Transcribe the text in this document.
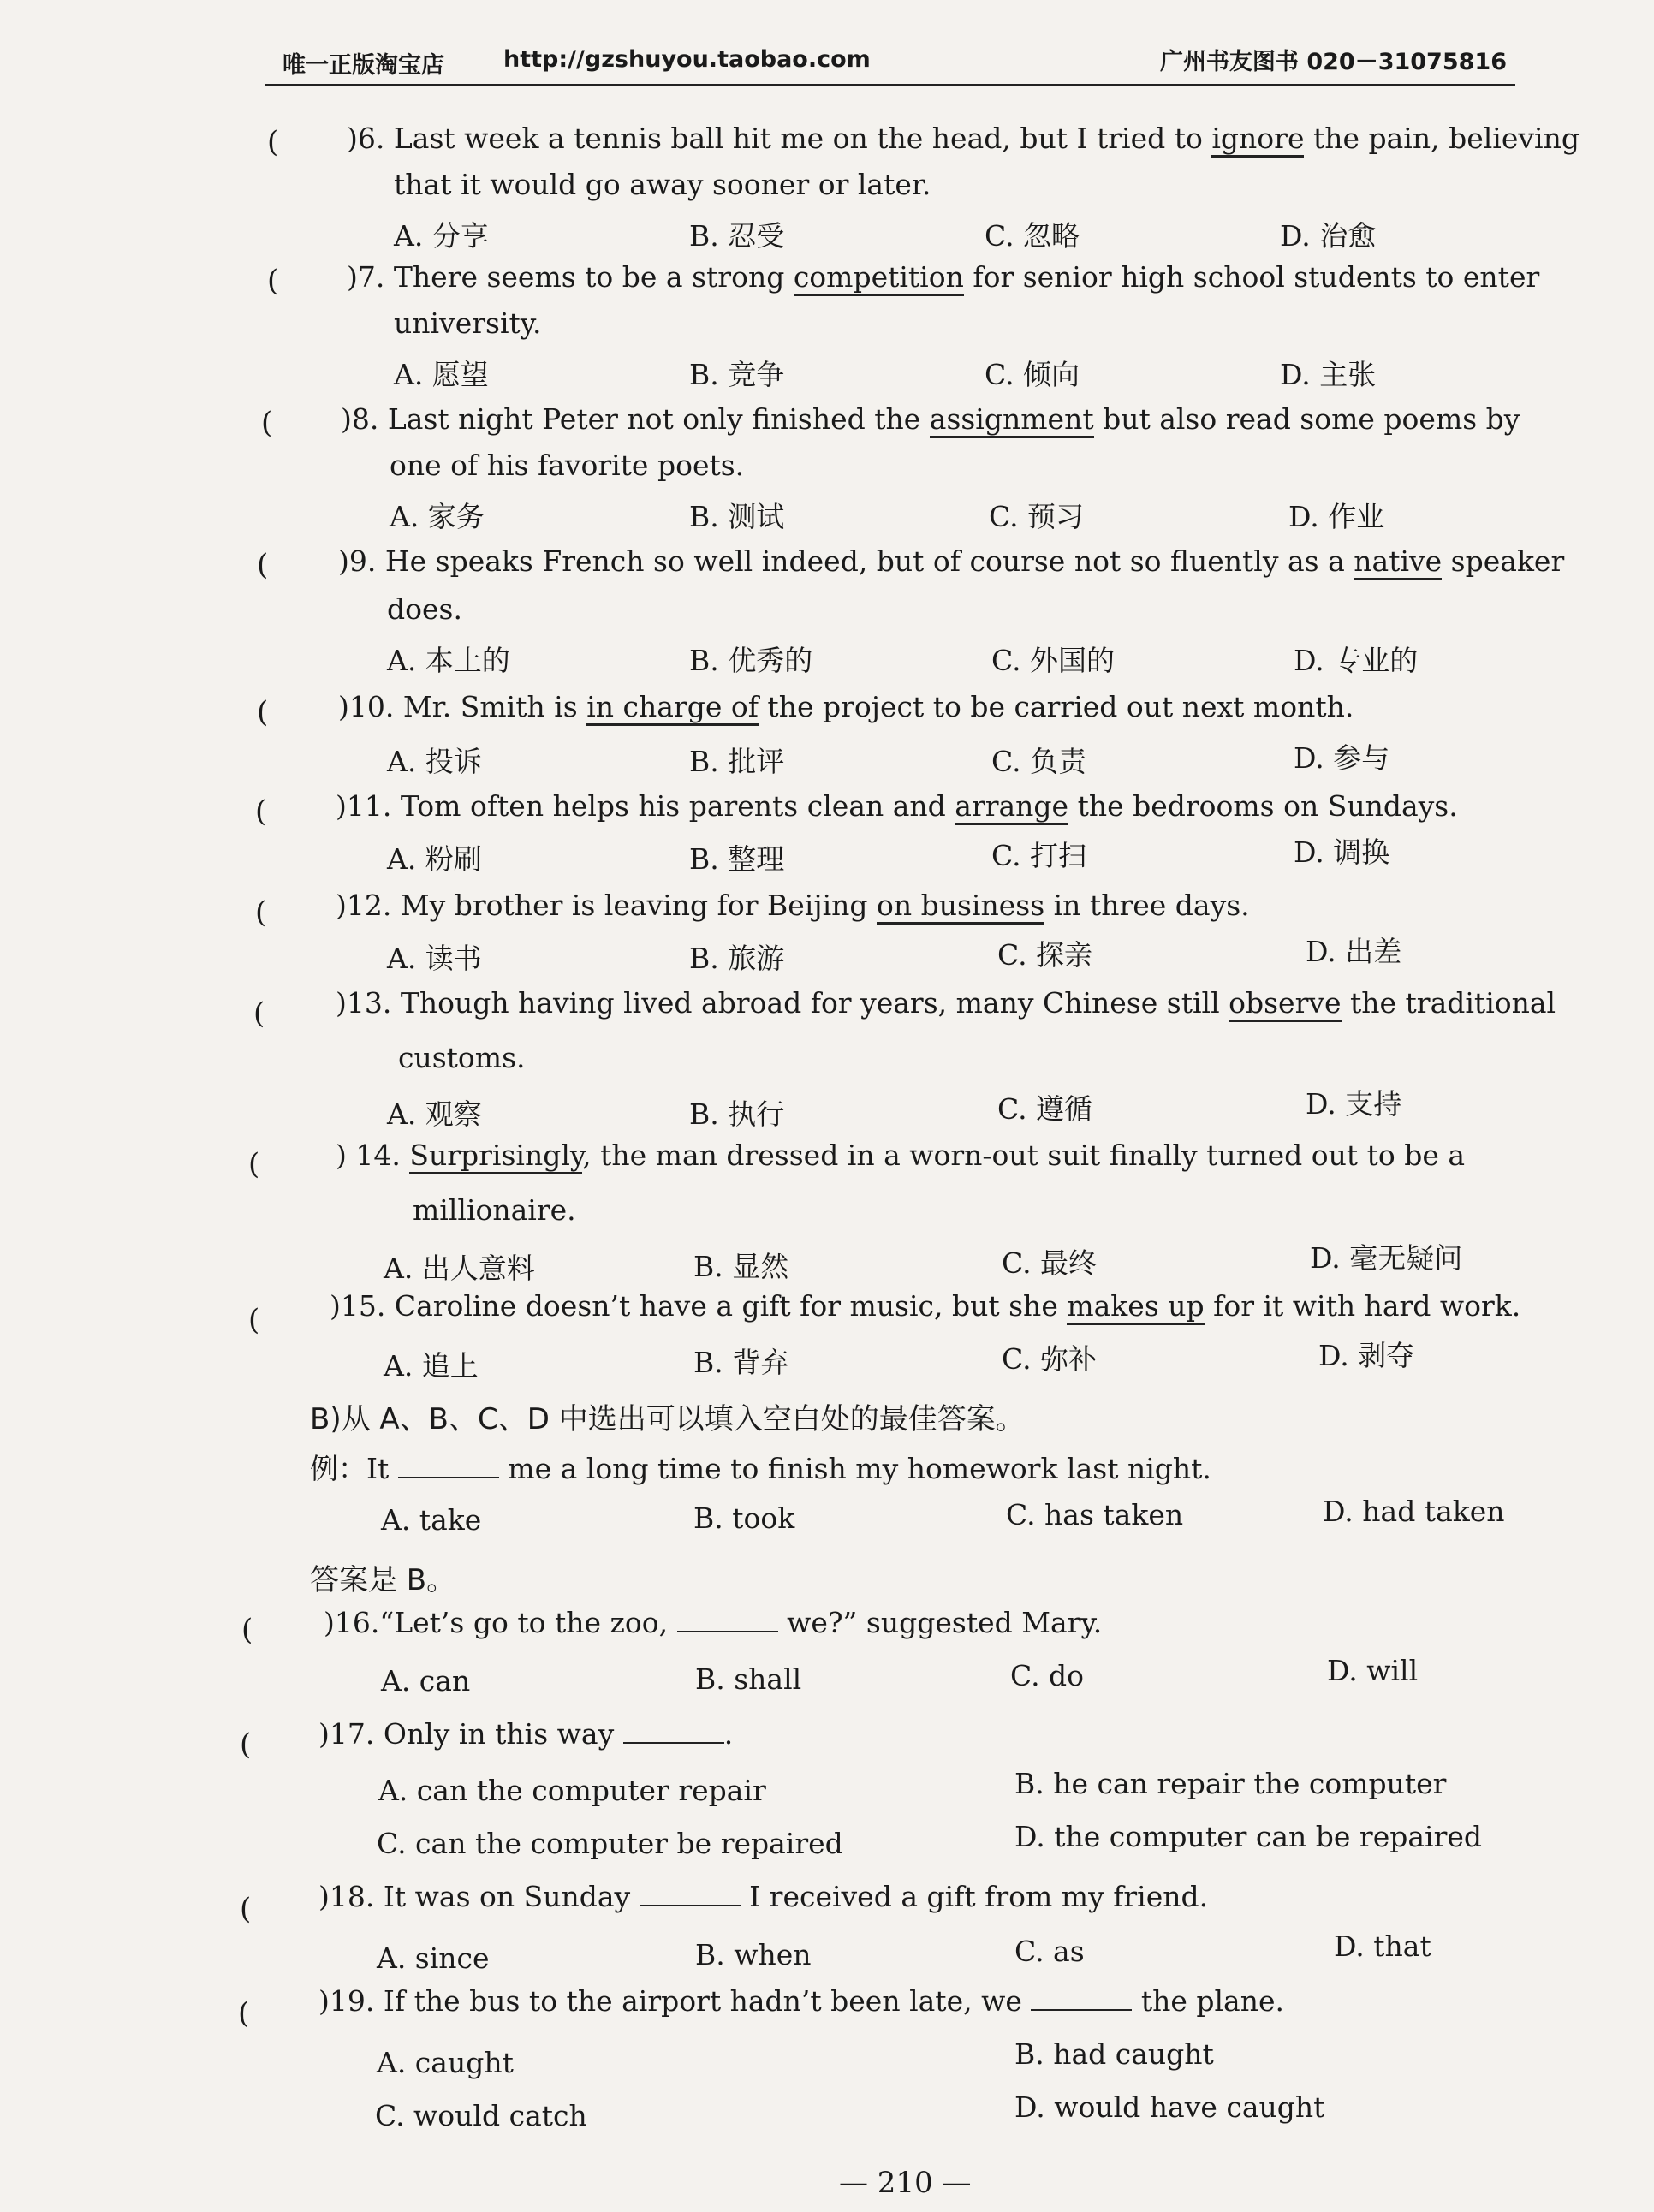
唯一正版淘宝店	http://gzshuyou.taobao.com	广州书友图书 020－31075816
( )6. Last week a tennis ball hit me on the head, but I tried to ignore the pain, believing
that it would go away sooner or later.
A. 分享	B. 忍受	C. 忽略	D. 治愈
( )7. There seems to be a strong competition for senior high school students to enter
university.
A. 愿望	B. 竞争	C. 倾向	D. 主张
( )8. Last night Peter not only finished the assignment but also read some poems by
one of his favorite poets.
A. 家务	B. 测试	C. 预习	D. 作业
( )9. He speaks French so well indeed, but of course not so fluently as a native speaker
does.
A. 本土的	B. 优秀的	C. 外国的	D. 专业的
( )10. Mr. Smith is in charge of the project to be carried out next month.
A. 投诉	B. 批评	C. 负责	D. 参与
( )11. Tom often helps his parents clean and arrange the bedrooms on Sundays.
A. 粉刷	B. 整理	C. 打扫	D. 调换
( )12. My brother is leaving for Beijing on business in three days.
A. 读书	B. 旅游	C. 探亲	D. 出差
(	)13. Though having lived abroad for years, many Chinese still observe the traditional
customs.
A. 观察	B. 执行	C. 遵循	D. 支持
(	) 14. Surprisingly, the man dressed in a worn-out suit finally turned out to be a
millionaire.
A. 出人意料	B. 显然	C. 最终	D. 毫无疑问
( )15. Caroline doesn’t have a gift for music, but she makes up for it with hard work.
A. 追上	B. 背弃	C. 弥补	D. 剥夺
B)从 A、B、C、D 中选出可以填入空白处的最佳答案。
例：It	me a long time to finish my homework last night.
A. take	B. took	C. has taken	D. had taken
答案是 B。
(	)16.“Let’s go to the zoo,	we?” suggested Mary.
A. can	B. shall	C. do	D. will
( )17. Only in this way	.
A. can the computer repair	B. he can repair the computer
C. can the computer be repaired	D. the computer can be repaired
( )18. It was on Sunday	I received a gift from my friend.
A. since	B. when	C. as	D. that
( )19. If the bus to the airport hadn’t been late, we	the plane.
A. caught	B. had caught
C. would catch	D. would have caught
— 210 —
